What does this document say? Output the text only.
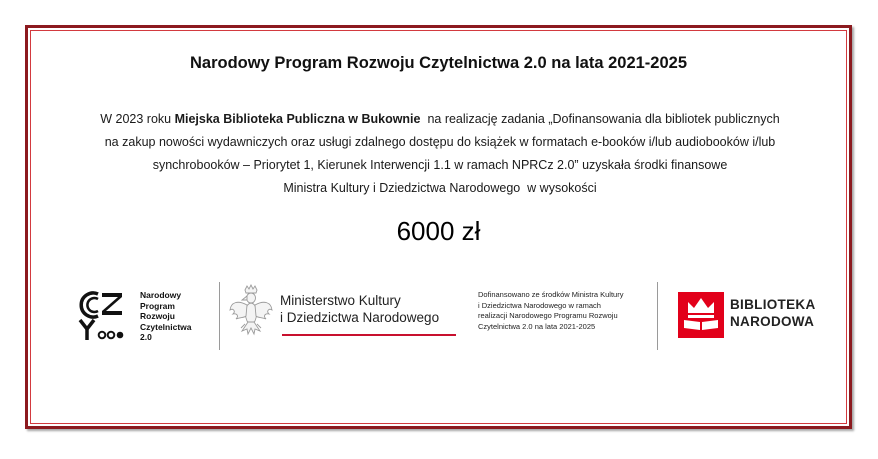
Narodowy Program Rozwoju Czytelnictwa 2.0 na lata 2021-2025
W 2023 roku Miejska Biblioteka Publiczna w Bukownie  na realizację zadania „Dofinansowania dla bibliotek publicznych
na zakup nowości wydawniczych oraz usługi zdalnego dostępu do książek w formatach e-booków i/lub audiobooków i/lub
synchrobooków – Priorytet 1, Kierunek Interwencji 1.1 w ramach NPRCz 2.0” uzyskała środki finansowe
Ministra Kultury i Dziedzictwa Narodowego  w wysokości
6000 zł
Narodowy
Program
Rozwoju
Czytelnictwa
2.0
Ministerstwo Kultury
i Dziedzictwa Narodowego
Dofinansowano ze środków Ministra Kultury
i Dziedzictwa Narodowego w ramach
realizacji Narodowego Programu Rozwoju
Czytelnictwa 2.0 na lata 2021-2025
BIBLIOTEKA
NARODOWA
